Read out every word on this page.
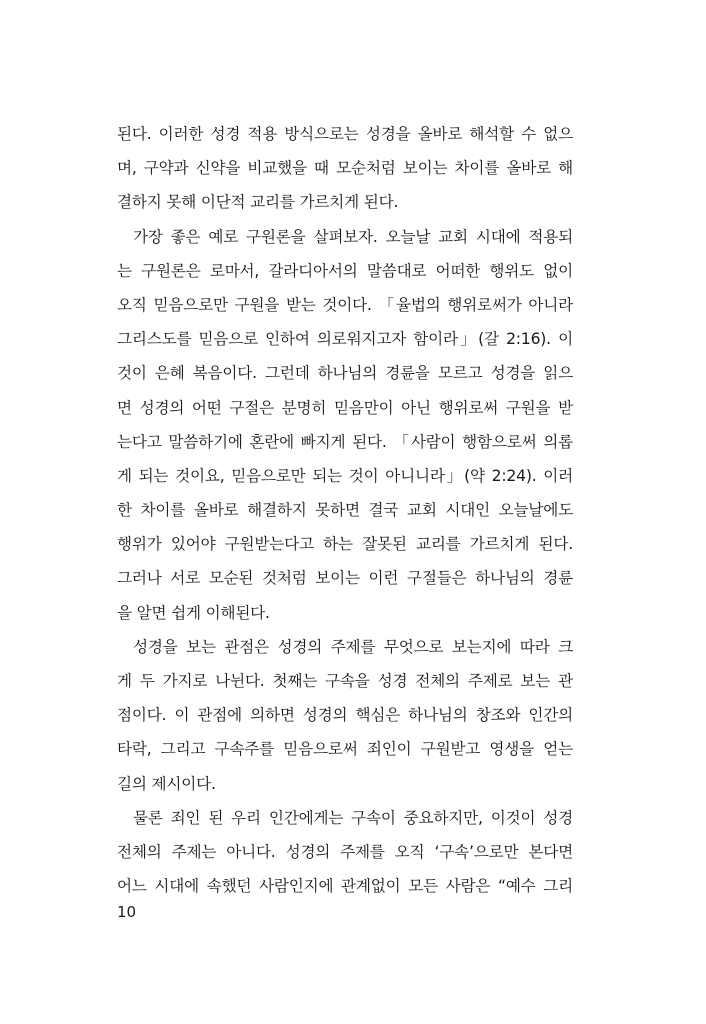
된다. 이러한 성경 적용 방식으로는 성경을 올바로 해석할 수 없으
며, 구약과 신약을 비교했을 때 모순처럼 보이는 차이를 올바로 해
결하지 못해 이단적 교리를 가르치게 된다.
가장 좋은 예로 구원론을 살펴보자. 오늘날 교회 시대에 적용되
는 구원론은 로마서, 갈라디아서의 말씀대로 어떠한 행위도 없이
오직 믿음으로만 구원을 받는 것이다. 「율법의 행위로써가 아니라
그리스도를 믿음으로 인하여 의로워지고자 함이라」(갈 2:16). 이
것이 은혜 복음이다. 그런데 하나님의 경륜을 모르고 성경을 읽으
면 성경의 어떤 구절은 분명히 믿음만이 아닌 행위로써 구원을 받
는다고 말씀하기에 혼란에 빠지게 된다. 「사람이 행함으로써 의롭
게 되는 것이요, 믿음으로만 되는 것이 아니니라」(약 2:24). 이러
한 차이를 올바로 해결하지 못하면 결국 교회 시대인 오늘날에도
행위가 있어야 구원받는다고 하는 잘못된 교리를 가르치게 된다.
그러나 서로 모순된 것처럼 보이는 이런 구절들은 하나님의 경륜
을 알면 쉽게 이해된다.
성경을 보는 관점은 성경의 주제를 무엇으로 보는지에 따라 크
게 두 가지로 나뉜다. 첫째는 구속을 성경 전체의 주제로 보는 관
점이다. 이 관점에 의하면 성경의 핵심은 하나님의 창조와 인간의
타락, 그리고 구속주를 믿음으로써 죄인이 구원받고 영생을 얻는
길의 제시이다.
물론 죄인 된 우리 인간에게는 구속이 중요하지만, 이것이 성경
전체의 주제는 아니다. 성경의 주제를 오직 ‘구속’으로만 본다면
어느 시대에 속했던 사람인지에 관계없이 모든 사람은 “예수 그리
10
